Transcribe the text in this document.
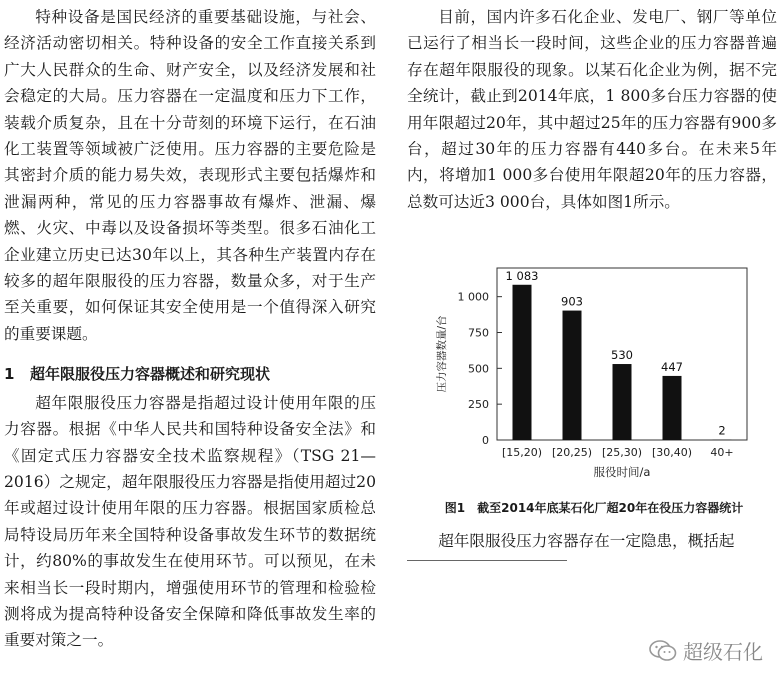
特种设备是国民经济的重要基础设施，与社会、经济活动密切相关。特种设备的安全工作直接关系到广大人民群众的生命、财产安全，以及经济发展和社会稳定的大局。压力容器在一定温度和压力下工作，装载介质复杂，且在十分苛刻的环境下运行，在石油化工装置等领域被广泛使用。压力容器的主要危险是其密封介质的能力易失效，表现形式主要包括爆炸和泄漏两种，常见的压力容器事故有爆炸、泄漏、爆燃、火灾、中毒以及设备损坏等类型。很多石油化工企业建立历史已达30年以上，其各种生产装置内存在较多的超年限服役的压力容器，数量众多，对于生产至关重要，如何保证其安全使用是一个值得深入研究的重要课题。

1 超年限服役压力容器概述和研究现状

超年限服役压力容器是指超过设计使用年限的压力容器。根据《中华人民共和国特种设备安全法》和《固定式压力容器安全技术监察规程》（TSG 21—2016）之规定，超年限服役压力容器是指使用超过20年或超过设计使用年限的压力容器。根据国家质检总局特设局历年来全国特种设备事故发生环节的数据统计，约80%的事故发生在使用环节。可以预见，在未来相当长一段时期内，增强使用环节的管理和检验检测将成为提高特种设备安全保障和降低事故发生率的重要对策之一。

目前，国内许多石化企业、发电厂、钢厂等单位已运行了相当长一段时间，这些企业的压力容器普遍存在超年限服役的现象。以某石化企业为例，据不完全统计，截止到2014年底，1 800多台压力容器的使用年限超过20年，其中超过25年的压力容器有900多台，超过30年的压力容器有440多台。在未来5年内，将增加1 000多台使用年限超20年的压力容器，总数可达近3 000台，具体如图1所示。

0
250
500
750
1 000
1 083
[15,20)
903
[20,25)
530
[25,30)
447
[30,40)
2
40+
服役时间/a
压力容器数量/台
图1　截至2014年底某石化厂超20年在役压力容器统计
超年限服役压力容器存在一定隐患，概括起
超级石化
